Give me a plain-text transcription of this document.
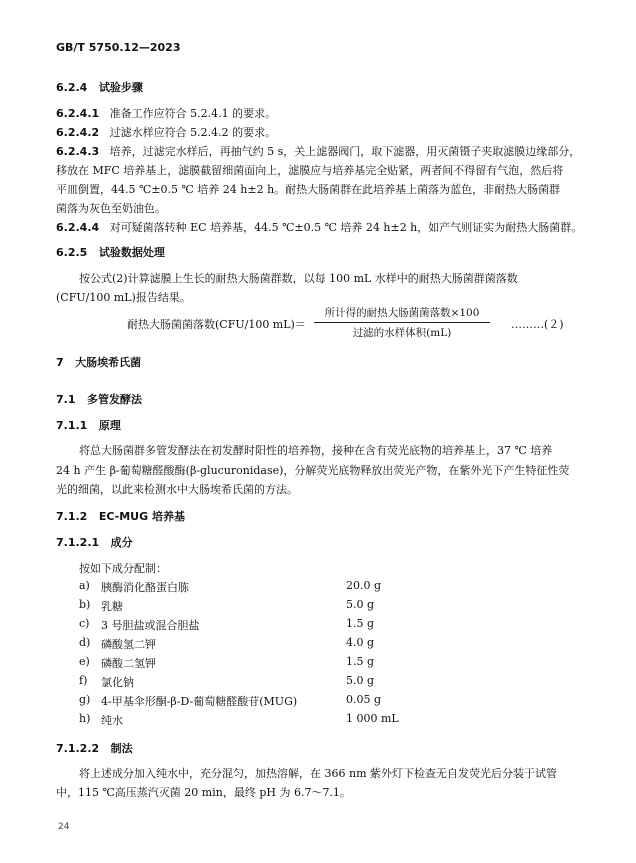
GB/T 5750.12—2023
6.2.4 试验步骤
6.2.4.1 准备工作应符合 5.2.4.1 的要求。
6.2.4.2 过滤水样应符合 5.2.4.2 的要求。
6.2.4.3 培养，过滤完水样后，再抽气约 5 s，关上滤器阀门，取下滤器，用灭菌镊子夹取滤膜边缘部分，
移放在 MFC 培养基上，滤膜截留细菌面向上，滤膜应与培养基完全贴紧，两者间不得留有气泡，然后将
平皿倒置，44.5 ℃±0.5 ℃ 培养 24 h±2 h。耐热大肠菌群在此培养基上菌落为蓝色，非耐热大肠菌群
菌落为灰色至奶油色。
6.2.4.4 对可疑菌落转种 EC 培养基，44.5 ℃±0.5 ℃ 培养 24 h±2 h，如产气则证实为耐热大肠菌群。
6.2.5 试验数据处理
按公式(2)计算滤膜上生长的耐热大肠菌群数，以每 100 mL 水样中的耐热大肠菌群菌落数
(CFU/100 mL)报告结果。
耐热大肠菌菌落数(CFU/100 mL)＝
所计得的耐热大肠菌菌落数×100
过滤的水样体积(mL)
………(２)
7 大肠埃希氏菌
7.1 多管发酵法
7.1.1 原理
将总大肠菌群多管发酵法在初发酵时阳性的培养物，接种在含有荧光底物的培养基上，37 ℃ 培养
24 h 产生 β-葡萄糖醛酸酶(β-glucuronidase)，分解荧光底物释放出荧光产物，在紫外光下产生特征性荧
光的细菌，以此来检测水中大肠埃希氏菌的方法。
7.1.2 EC-MUG 培养基
7.1.2.1 成分
按如下成分配制：
a) 胰酶消化酪蛋白胨	20.0 g
b) 乳糖	5.0 g
c) 3 号胆盐或混合胆盐	1.5 g
d) 磷酸氢二钾	4.0 g
e) 磷酸二氢钾	1.5 g
f) 氯化钠	5.0 g
g) 4-甲基伞形酮-β-D-葡萄糖醛酸苷(MUG)	0.05 g
h) 纯水	1 000 mL
7.1.2.2 制法
将上述成分加入纯水中，充分混匀，加热溶解，在 366 nm 紫外灯下检查无自发荧光后分装于试管
中，115 ℃高压蒸汽灭菌 20 min，最终 pH 为 6.7～7.1。
24
